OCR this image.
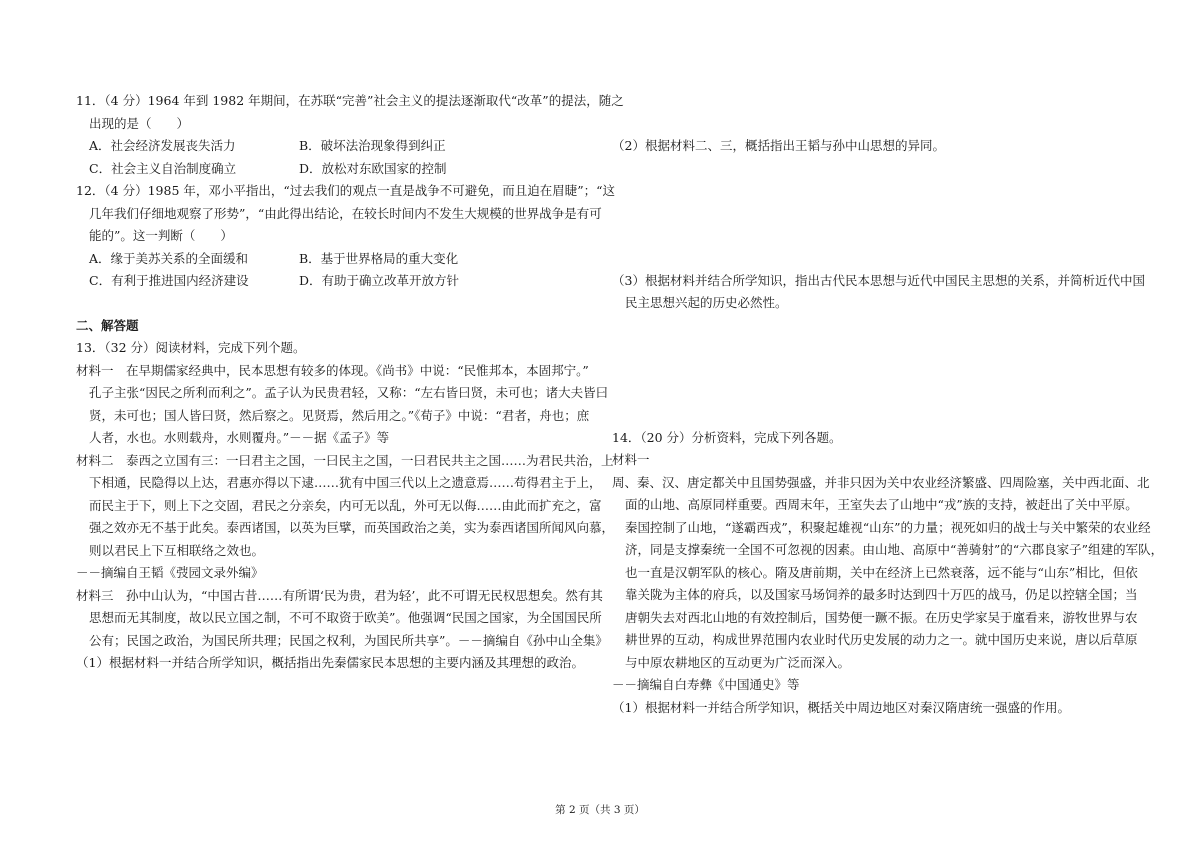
11．（4 分）1964 年到 1982 年期间，在苏联“完善”社会主义的提法逐渐取代“改革”的提法，随之
出现的是（　　）
A．社会经济发展丧失活力	B．破坏法治现象得到纠正
C．社会主义自治制度确立	D．放松对东欧国家的控制
12．（4 分）1985 年，邓小平指出，“过去我们的观点一直是战争不可避免，而且迫在眉睫”；“这
几年我们仔细地观察了形势”，“由此得出结论，在较长时间内不发生大规模的世界战争是有可
能的”。这一判断（　　）
A．缘于美苏关系的全面缓和	B．基于世界格局的重大变化
C．有利于推进国内经济建设	D．有助于确立改革开放方针
二、解答题
13．（32 分）阅读材料，完成下列个题。
材料一　在早期儒家经典中，民本思想有较多的体现。《尚书》中说：“民惟邦本，本固邦宁。”
孔子主张“因民之所利而利之”。孟子认为民贵君轻，又称：“左右皆曰贤，未可也；诸大夫皆曰
贤，未可也；国人皆曰贤，然后察之。见贤焉，然后用之。”《荀子》中说：“君者，舟也；庶
人者，水也。水则载舟，水则覆舟。”－－据《孟子》等
材料二　泰西之立国有三：一曰君主之国，一曰民主之国，一曰君民共主之国……为君民共治，上
下相通，民隐得以上达，君惠亦得以下逮……犹有中国三代以上之遗意焉……苟得君主于上，
而民主于下，则上下之交固，君民之分亲矣，内可无以乱，外可无以侮……由此而扩充之，富
强之效亦无不基于此矣。泰西诸国，以英为巨擘，而英国政治之美，实为泰西诸国所闻风向慕，
则以君民上下互相联络之效也。
－－摘编自王韬《弢园文录外编》
材料三　孙中山认为，“中国古昔……有所谓‘民为贵，君为轻’，此不可谓无民权思想矣。然有其
思想而无其制度，故以民立国之制，不可不取资于欧美”。他强调“民国之国家，为全国国民所
公有；民国之政治，为国民所共理；民国之权利，为国民所共享”。－－摘编自《孙中山全集》
（1）根据材料一并结合所学知识，概括指出先秦儒家民本思想的主要内涵及其理想的政治。
（2）根据材料二、三，概括指出王韬与孙中山思想的异同。
（3）根据材料并结合所学知识，指出古代民本思想与近代中国民主思想的关系，并简析近代中国
民主思想兴起的历史必然性。
14．（20 分）分析资料，完成下列各题。
材料一
周、秦、汉、唐定都关中且国势强盛，并非只因为关中农业经济繁盛、四周险塞，关中西北面、北
面的山地、高原同样重要。西周末年，王室失去了山地中“戎”族的支持，被赶出了关中平原。
秦国控制了山地，“遂霸西戎”，积聚起雄视“山东”的力量；视死如归的战士与关中繁荣的农业经
济，同是支撑秦统一全国不可忽视的因素。由山地、高原中“善骑射”的“六郡良家子”组建的军队，
也一直是汉朝军队的核心。隋及唐前期，关中在经济上已然衰落，远不能与“山东”相比，但依
靠关陇为主体的府兵，以及国家马场饲养的最多时达到四十万匹的战马，仍足以控辖全国；当
唐朝失去对西北山地的有效控制后，国势便一蹶不振。在历史学家吴于廑看来，游牧世界与农
耕世界的互动，构成世界范围内农业时代历史发展的动力之一。就中国历史来说，唐以后草原
与中原农耕地区的互动更为广泛而深入。
－－摘编自白寿彝《中国通史》等
（1）根据材料一并结合所学知识，概括关中周边地区对秦汉隋唐统一强盛的作用。
第 2 页（共 3 页）
